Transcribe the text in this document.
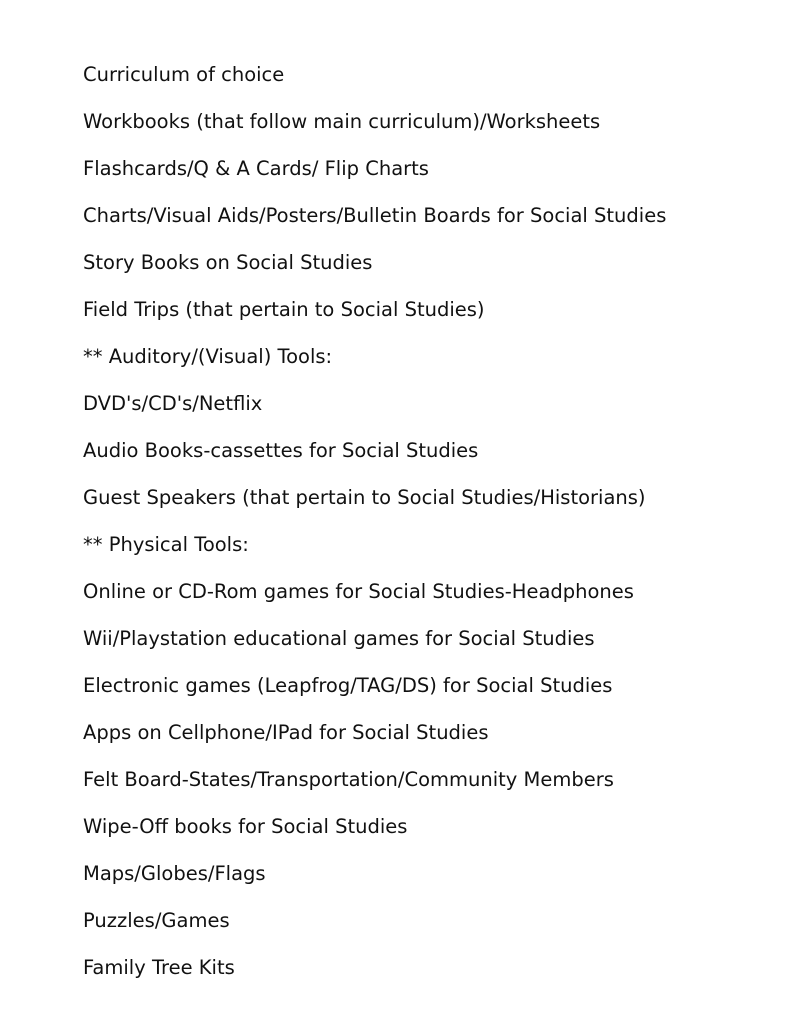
Curriculum of choice
Workbooks (that follow main curriculum)/Worksheets
Flashcards/Q & A Cards/ Flip Charts
Charts/Visual Aids/Posters/Bulletin Boards for Social Studies
Story Books on Social Studies
Field Trips (that pertain to Social Studies)
** Auditory/(Visual) Tools:
DVD's/CD's/Netflix
Audio Books-cassettes for Social Studies
Guest Speakers (that pertain to Social Studies/Historians)
** Physical Tools:
Online or CD-Rom games for Social Studies-Headphones
Wii/Playstation educational games for Social Studies
Electronic games (Leapfrog/TAG/DS) for Social Studies
Apps on Cellphone/IPad for Social Studies
Felt Board-States/Transportation/Community Members
Wipe-Off books for Social Studies
Maps/Globes/Flags
Puzzles/Games
Family Tree Kits
